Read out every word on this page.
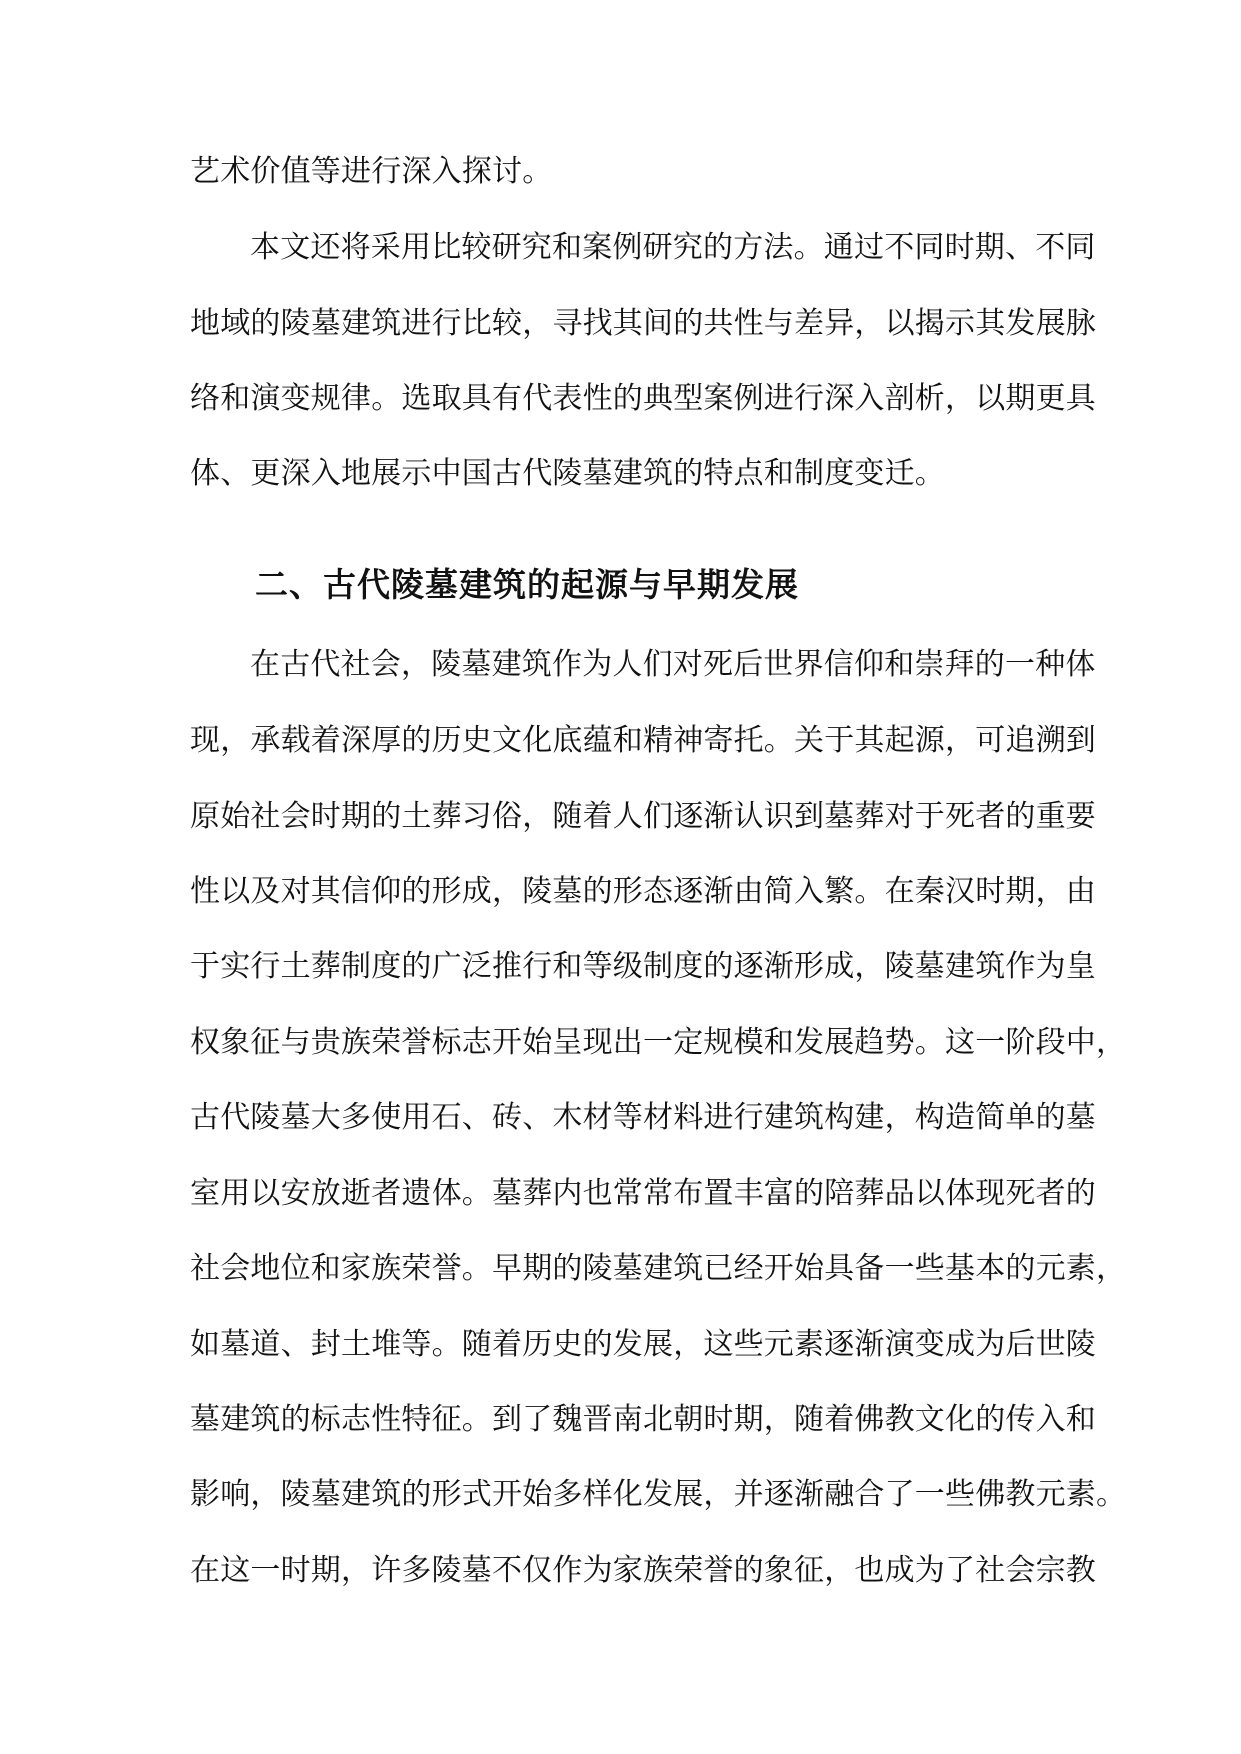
艺术价值等进行深入探讨。

本文还将采用比较研究和案例研究的方法。通过不同时期、不同

地域的陵墓建筑进行比较，寻找其间的共性与差异，以揭示其发展脉

络和演变规律。选取具有代表性的典型案例进行深入剖析，以期更具

体、更深入地展示中国古代陵墓建筑的特点和制度变迁。

二、古代陵墓建筑的起源与早期发展

在古代社会，陵墓建筑作为人们对死后世界信仰和崇拜的一种体

现，承载着深厚的历史文化底蕴和精神寄托。关于其起源，可追溯到

原始社会时期的土葬习俗，随着人们逐渐认识到墓葬对于死者的重要

性以及对其信仰的形成，陵墓的形态逐渐由简入繁。在秦汉时期，由

于实行土葬制度的广泛推行和等级制度的逐渐形成，陵墓建筑作为皇

权象征与贵族荣誉标志开始呈现出一定规模和发展趋势。这一阶段中，

古代陵墓大多使用石、砖、木材等材料进行建筑构建，构造简单的墓

室用以安放逝者遗体。墓葬内也常常布置丰富的陪葬品以体现死者的

社会地位和家族荣誉。早期的陵墓建筑已经开始具备一些基本的元素，

如墓道、封土堆等。随着历史的发展，这些元素逐渐演变成为后世陵

墓建筑的标志性特征。到了魏晋南北朝时期，随着佛教文化的传入和

影响，陵墓建筑的形式开始多样化发展，并逐渐融合了一些佛教元素。

在这一时期，许多陵墓不仅作为家族荣誉的象征，也成为了社会宗教
